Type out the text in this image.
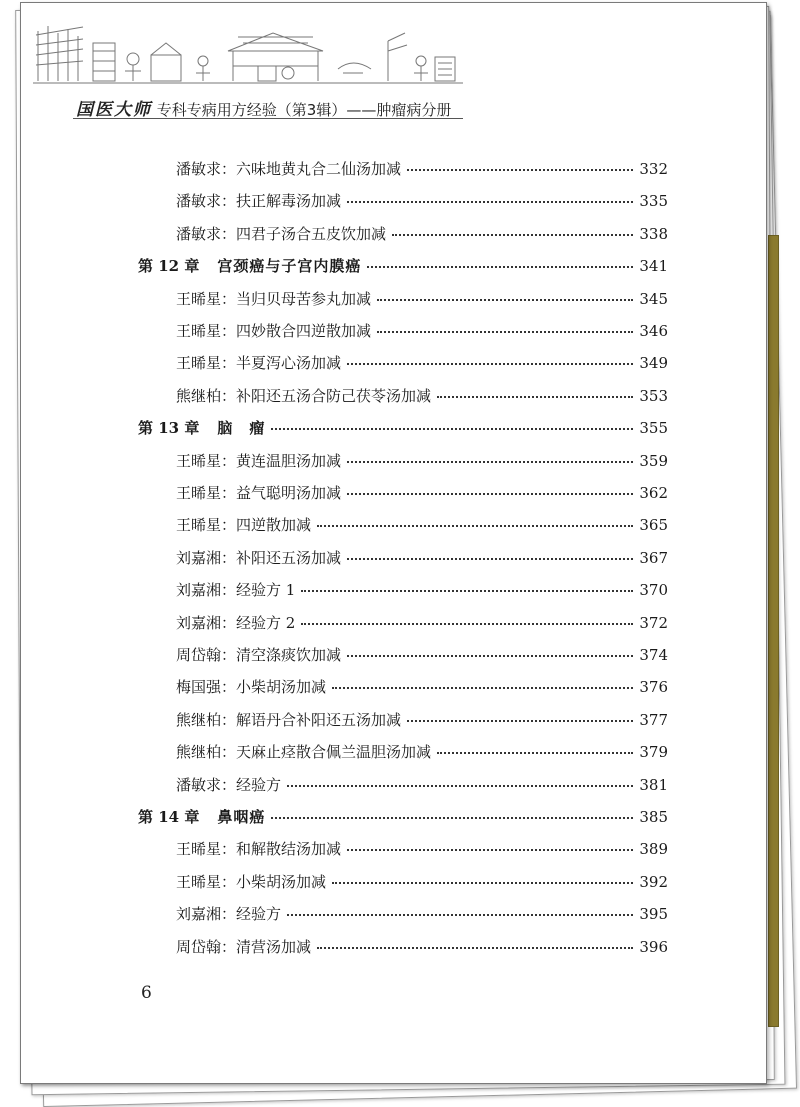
国医大师 专科专病用方经验（第3辑）——肿瘤病分册
潘敏求：六味地黄丸合二仙汤加减	332
潘敏求：扶正解毒汤加减	335
潘敏求：四君子汤合五皮饮加减	338
第 12 章 宫颈癌与子宫内膜癌	341
王晞星：当归贝母苦参丸加减	345
王晞星：四妙散合四逆散加减	346
王晞星：半夏泻心汤加减	349
熊继柏：补阳还五汤合防己茯苓汤加减	353
第 13 章 脑　瘤	355
王晞星：黄连温胆汤加减	359
王晞星：益气聪明汤加减	362
王晞星：四逆散加减	365
刘嘉湘：补阳还五汤加减	367
刘嘉湘：经验方 1	370
刘嘉湘：经验方 2	372
周岱翰：清空涤痰饮加减	374
梅国强：小柴胡汤加减	376
熊继柏：解语丹合补阳还五汤加减	377
熊继柏：天麻止痉散合佩兰温胆汤加减	379
潘敏求：经验方	381
第 14 章 鼻咽癌	385
王晞星：和解散结汤加减	389
王晞星：小柴胡汤加减	392
刘嘉湘：经验方	395
周岱翰：清营汤加减	396
6
